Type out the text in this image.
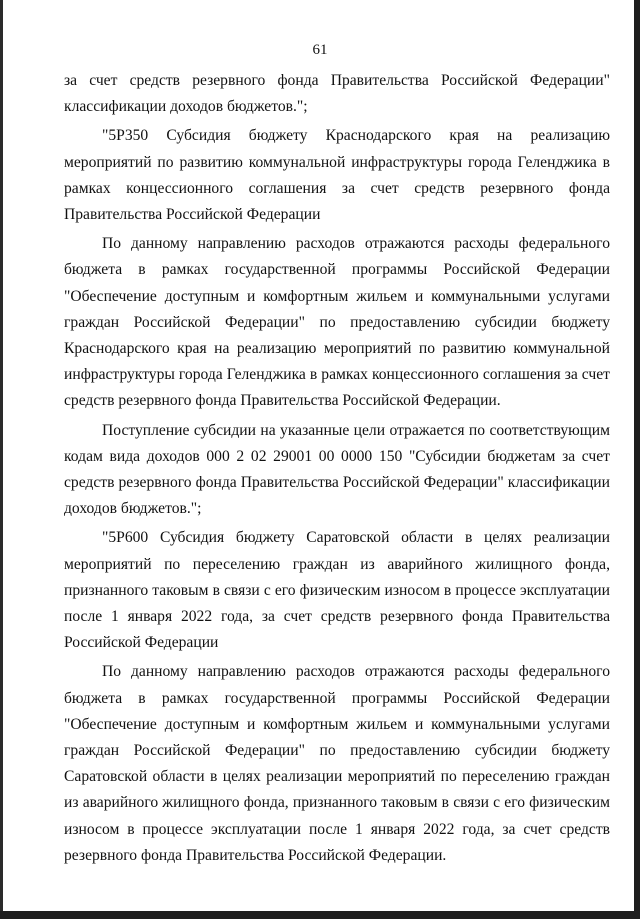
61

за счет средств резервного фонда Правительства Российской Федерации" классификации доходов бюджетов.";

"5Р350 Субсидия бюджету Краснодарского края на реализацию мероприятий по развитию коммунальной инфраструктуры города Геленджика в рамках концессионного соглашения за счет средств резервного фонда Правительства Российской Федерации

По данному направлению расходов отражаются расходы федерального бюджета в рамках государственной программы Российской Федерации "Обеспечение доступным и комфортным жильем и коммунальными услугами граждан Российской Федерации" по предоставлению субсидии бюджету Краснодарского края на реализацию мероприятий по развитию коммунальной инфраструктуры города Геленджика в рамках концессионного соглашения за счет средств резервного фонда Правительства Российской Федерации.

Поступление субсидии на указанные цели отражается по соответствующим кодам вида доходов 000 2 02 29001 00 0000 150 "Субсидии бюджетам за счет средств резервного фонда Правительства Российской Федерации" классификации доходов бюджетов.";

"5Р600 Субсидия бюджету Саратовской области в целях реализации мероприятий по переселению граждан из аварийного жилищного фонда, признанного таковым в связи с его физическим износом в процессе эксплуатации после 1 января 2022 года, за счет средств резервного фонда Правительства Российской Федерации

По данному направлению расходов отражаются расходы федерального бюджета в рамках государственной программы Российской Федерации "Обеспечение доступным и комфортным жильем и коммунальными услугами граждан Российской Федерации" по предоставлению субсидии бюджету Саратовской области в целях реализации мероприятий по переселению граждан из аварийного жилищного фонда, признанного таковым в связи с его физическим износом в процессе эксплуатации после 1 января 2022 года, за счет средств резервного фонда Правительства Российской Федерации.
